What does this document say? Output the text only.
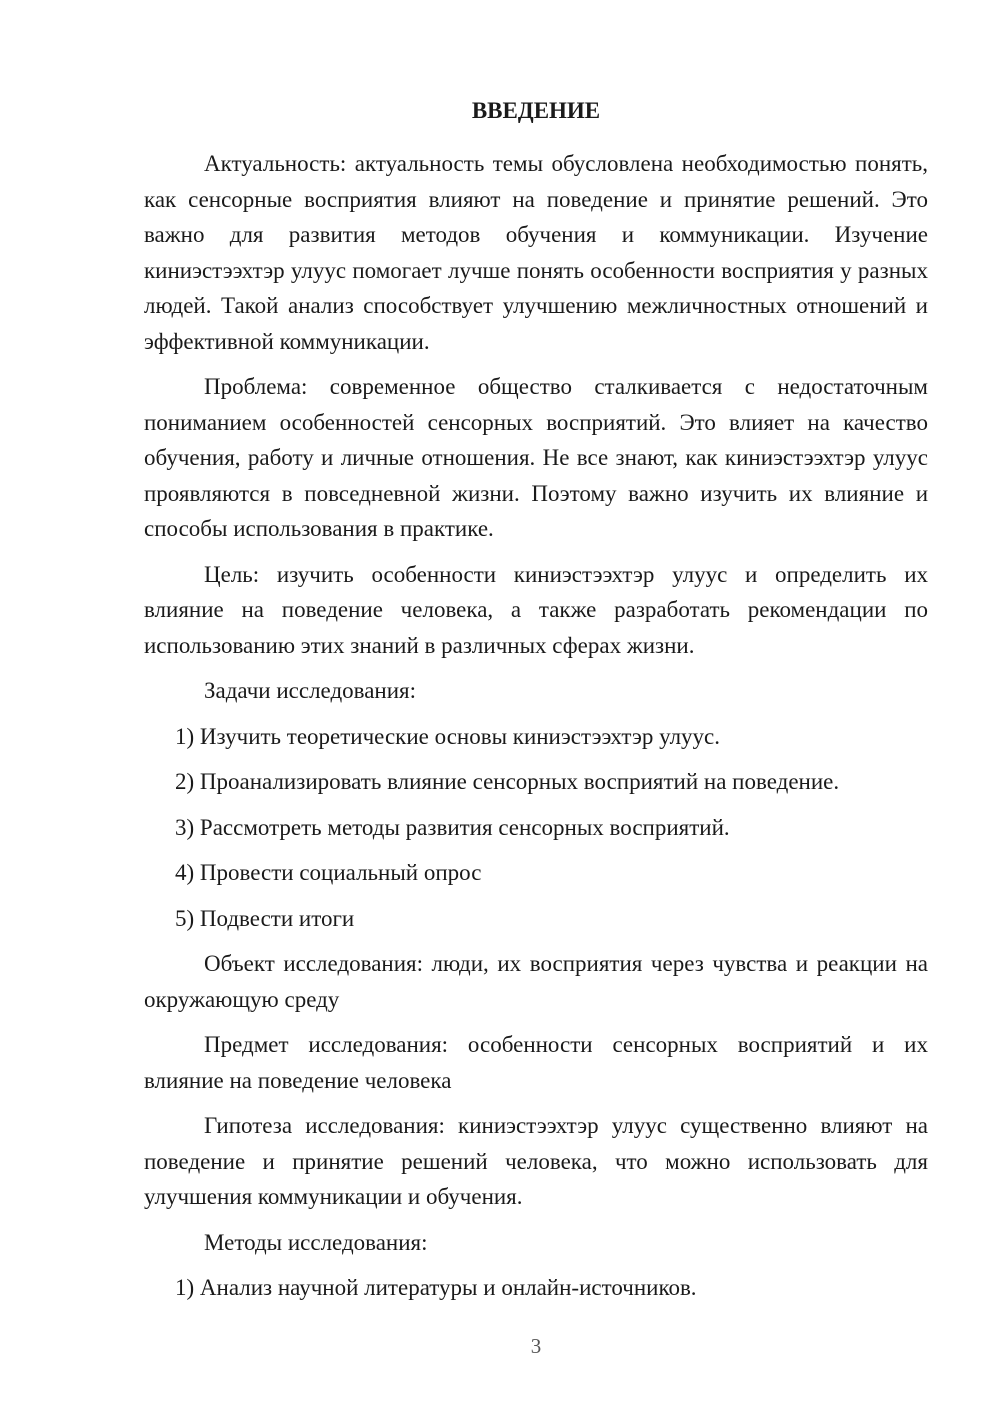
ВВЕДЕНИЕ

Актуальность: актуальность темы обусловлена необходимостью понять, как сенсорные восприятия влияют на поведение и принятие решений. Это важно для развития методов обучения и коммуникации. Изучение киниэстээхтэр улуус помогает лучше понять особенности восприятия у разных людей. Такой анализ способствует улучшению межличностных отношений и эффективной коммуникации.

Проблема: современное общество сталкивается с недостаточным пониманием особенностей сенсорных восприятий. Это влияет на качество обучения, работу и личные отношения. Не все знают, как киниэстээхтэр улуус проявляются в повседневной жизни. Поэтому важно изучить их влияние и способы использования в практике.

Цель: изучить особенности киниэстээхтэр улуус и определить их влияние на поведение человека, а также разработать рекомендации по использованию этих знаний в различных сферах жизни.

Задачи исследования:

1) Изучить теоретические основы киниэстээхтэр улуус.

2) Проанализировать влияние сенсорных восприятий на поведение.

3) Рассмотреть методы развития сенсорных восприятий.

4) Провести социальный опрос

5) Подвести итоги

Объект исследования: люди, их восприятия через чувства и реакции на окружающую среду

Предмет исследования: особенности сенсорных восприятий и их влияние на поведение человека

Гипотеза исследования: киниэстээхтэр улуус существенно влияют на поведение и принятие решений человека, что можно использовать для улучшения коммуникации и обучения.

Методы исследования:

1) Анализ научной литературы и онлайн-источников.

3
